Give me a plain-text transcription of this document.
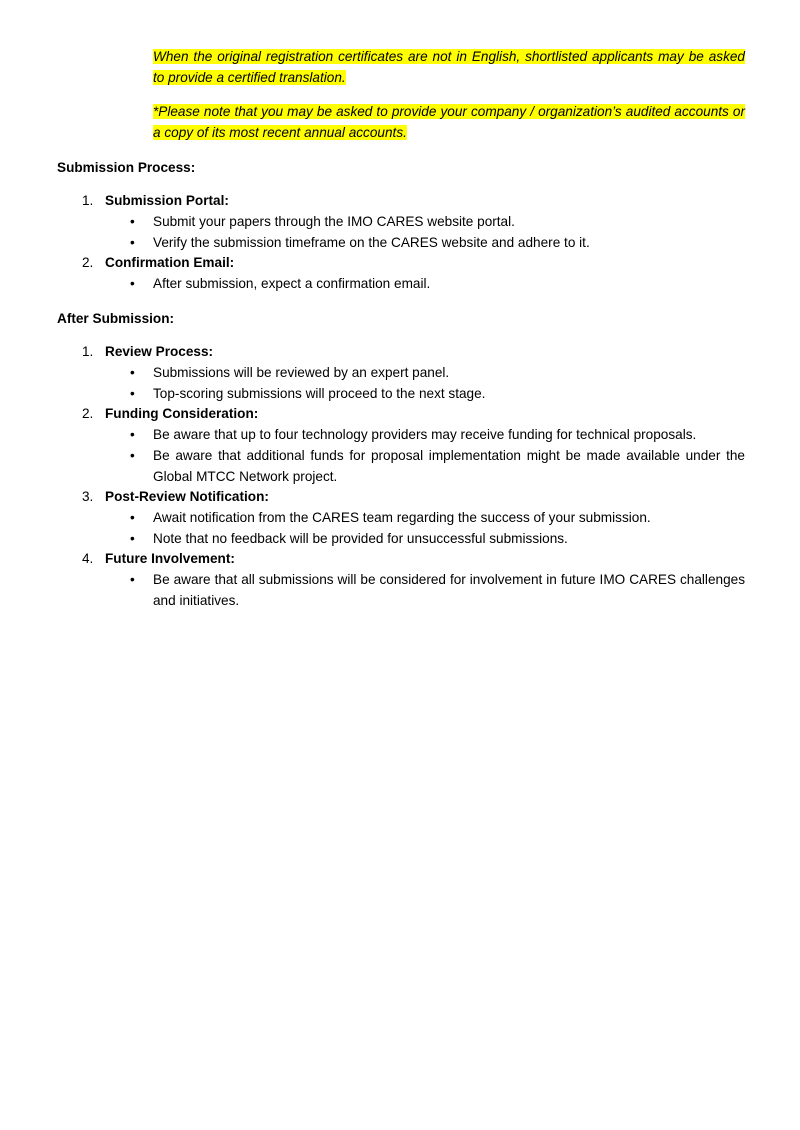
When the original registration certificates are not in English, shortlisted applicants may be asked to provide a certified translation.

*Please note that you may be asked to provide your company / organization’s audited accounts or a copy of its most recent annual accounts.

Submission Process:

1. Submission Portal:
•	Submit your papers through the IMO CARES website portal.
•	Verify the submission timeframe on the CARES website and adhere to it.
2. Confirmation Email:
•	After submission, expect a confirmation email.

After Submission:

1. Review Process:
•	Submissions will be reviewed by an expert panel.
•	Top-scoring submissions will proceed to the next stage.
2. Funding Consideration:
•	Be aware that up to four technology providers may receive funding for technical proposals.
•	Be aware that additional funds for proposal implementation might be made available under the Global MTCC Network project.
3. Post-Review Notification:
•	Await notification from the CARES team regarding the success of your submission.
•	Note that no feedback will be provided for unsuccessful submissions.
4. Future Involvement:
•	Be aware that all submissions will be considered for involvement in future IMO CARES challenges and initiatives.
